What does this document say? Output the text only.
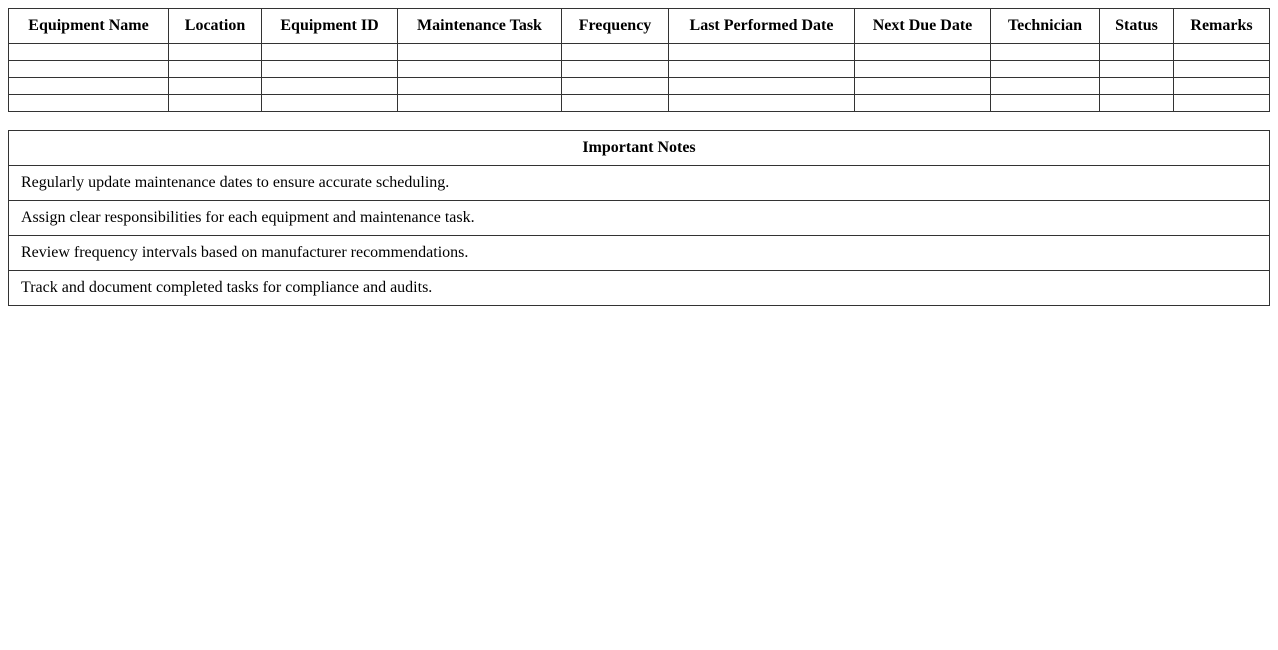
Equipment Name	Location	Equipment ID	Maintenance Task	Frequency	Last Performed Date	Next Due Date	Technician	Status	Remarks

Important Notes
Regularly update maintenance dates to ensure accurate scheduling.
Assign clear responsibilities for each equipment and maintenance task.
Review frequency intervals based on manufacturer recommendations.
Track and document completed tasks for compliance and audits.
